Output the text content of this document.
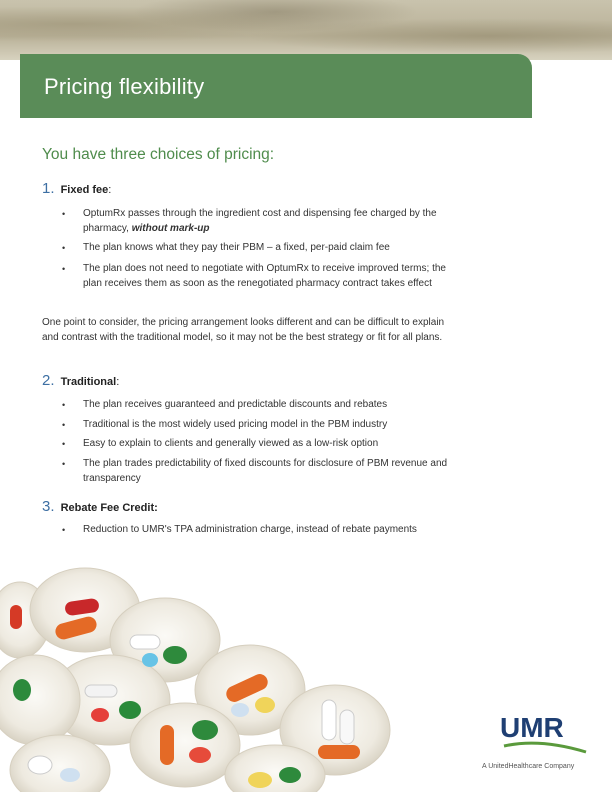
Pricing flexibility
You have three choices of pricing:
1. Fixed fee:
• OptumRx passes through the ingredient cost and dispensing fee charged by the pharmacy, without mark-up
• The plan knows what they pay their PBM – a fixed, per-paid claim fee
• The plan does not need to negotiate with OptumRx to receive improved terms; the plan receives them as soon as the renegotiated pharmacy contract takes effect
One point to consider, the pricing arrangement looks different and can be difficult to explain and contrast with the traditional model, so it may not be the best strategy or fit for all plans.
2. Traditional:
• The plan receives guaranteed and predictable discounts and rebates
• Traditional is the most widely used pricing model in the PBM industry
• Easy to explain to clients and generally viewed as a low-risk option
• The plan trades predictability of fixed discounts for disclosure of PBM revenue and transparency
3. Rebate Fee Credit:
• Reduction to UMR's TPA administration charge, instead of rebate payments
UMR
A UnitedHealthcare Company
